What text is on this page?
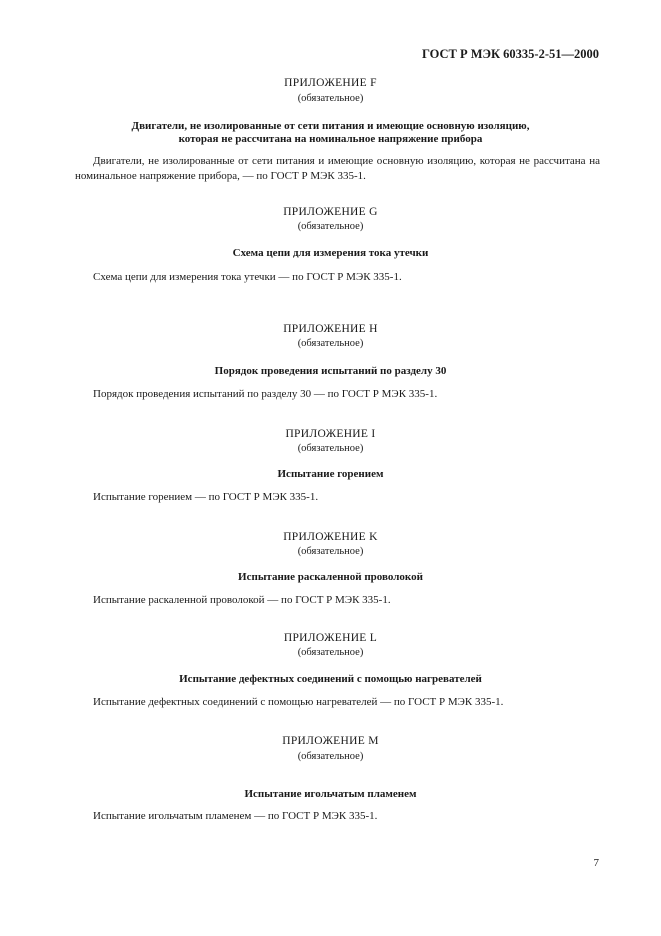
ГОСТ Р МЭК 60335-2-51—2000
ПРИЛОЖЕНИЕ F
(обязательное)
Двигатели, не изолированные от сети питания и имеющие основную изоляцию,
которая не рассчитана на номинальное напряжение прибора
Двигатели, не изолированные от сети питания и имеющие основную изоляцию, которая не рассчитана на номинальное напряжение прибора, — по ГОСТ Р МЭК 335-1.
ПРИЛОЖЕНИЕ G
(обязательное)
Схема цепи для измерения тока утечки
Схема цепи для измерения тока утечки — по ГОСТ Р МЭК 335-1.
ПРИЛОЖЕНИЕ H
(обязательное)
Порядок проведения испытаний по разделу 30
Порядок проведения испытаний по разделу 30 — по ГОСТ Р МЭК 335-1.
ПРИЛОЖЕНИЕ I
(обязательное)
Испытание горением
Испытание горением — по ГОСТ Р МЭК 335-1.
ПРИЛОЖЕНИЕ K
(обязательное)
Испытание раскаленной проволокой
Испытание раскаленной проволокой — по ГОСТ Р МЭК 335-1.
ПРИЛОЖЕНИЕ L
(обязательное)
Испытание дефектных соединений с помощью нагревателей
Испытание дефектных соединений с помощью нагревателей — по ГОСТ Р МЭК 335-1.
ПРИЛОЖЕНИЕ M
(обязательное)
Испытание игольчатым пламенем
Испытание игольчатым пламенем — по ГОСТ Р МЭК 335-1.
7
